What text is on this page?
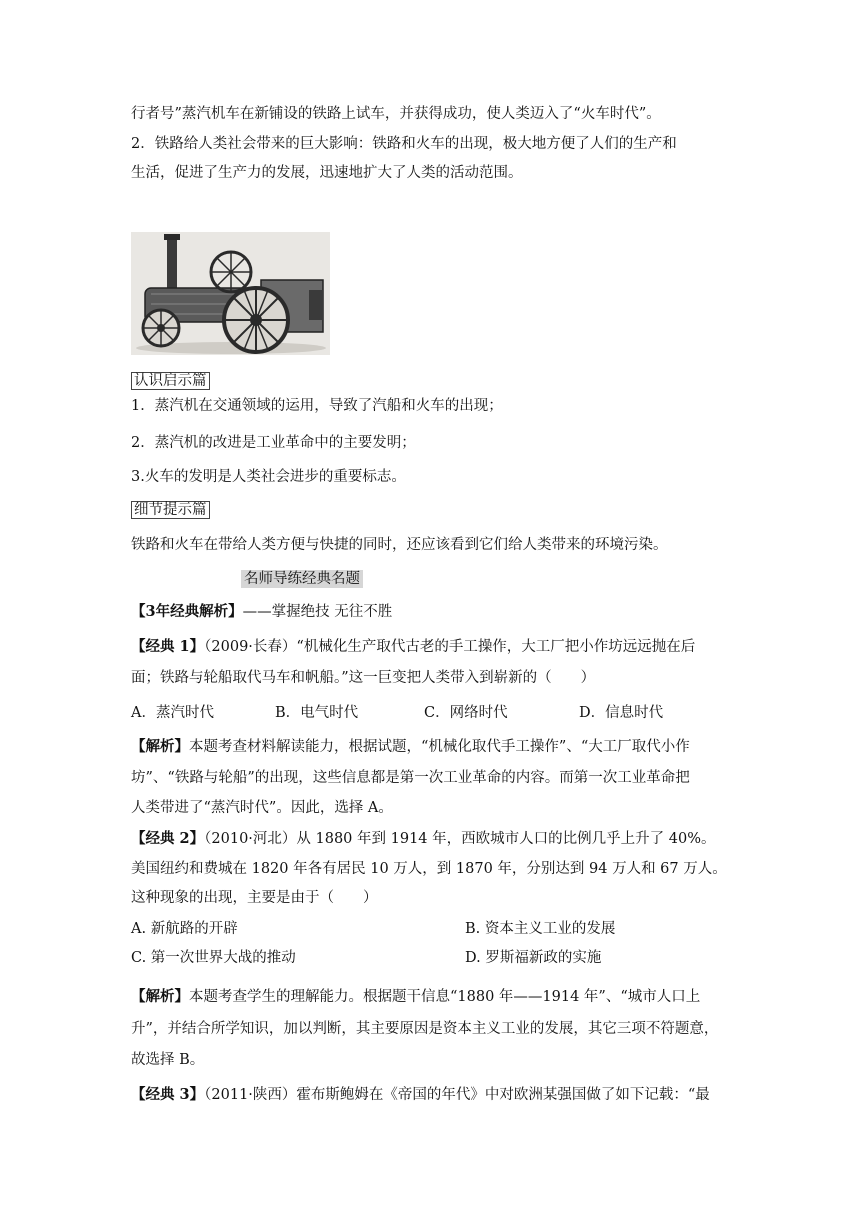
行者号”蒸汽机车在新铺设的铁路上试车，并获得成功，使人类迈入了“火车时代”。
2．铁路给人类社会带来的巨大影响：铁路和火车的出现，极大地方便了人们的生产和
生活，促进了生产力的发展，迅速地扩大了人类的活动范围。
认识启示篇
1．蒸汽机在交通领域的运用，导致了汽船和火车的出现；
2．蒸汽机的改进是工业革命中的主要发明；
3.火车的发明是人类社会进步的重要标志。
细节提示篇
铁路和火车在带给人类方便与快捷的同时，还应该看到它们给人类带来的环境污染。
名师导练经典名题
【3年经典解析】——掌握绝技 无往不胜
【经典 1】（2009·长春）“机械化生产取代古老的手工操作，大工厂把小作坊远远抛在后
面；铁路与轮船取代马车和帆船。”这一巨变把人类带入到崭新的（　　）
A．蒸汽时代	B．电气时代	C．网络时代	D．信息时代
【解析】本题考查材料解读能力，根据试题，“机械化取代手工操作”、“大工厂取代小作
坊”、“铁路与轮船”的出现，这些信息都是第一次工业革命的内容。而第一次工业革命把
人类带进了“蒸汽时代”。因此，选择 A。
【经典 2】（2010·河北）从 1880 年到 1914 年，西欧城市人口的比例几乎上升了 40%。
美国纽约和费城在 1820 年各有居民 10 万人，到 1870 年，分别达到 94 万人和 67 万人。
这种现象的出现，主要是由于（　　）
A. 新航路的开辟	B. 资本主义工业的发展
C. 第一次世界大战的推动	D. 罗斯福新政的实施
【解析】本题考查学生的理解能力。根据题干信息“1880 年——1914 年”、“城市人口上
升”，并结合所学知识，加以判断，其主要原因是资本主义工业的发展，其它三项不符题意，
故选择 B。
【经典 3】（2011·陕西）霍布斯鲍姆在《帝国的年代》中对欧洲某强国做了如下记载：“最
